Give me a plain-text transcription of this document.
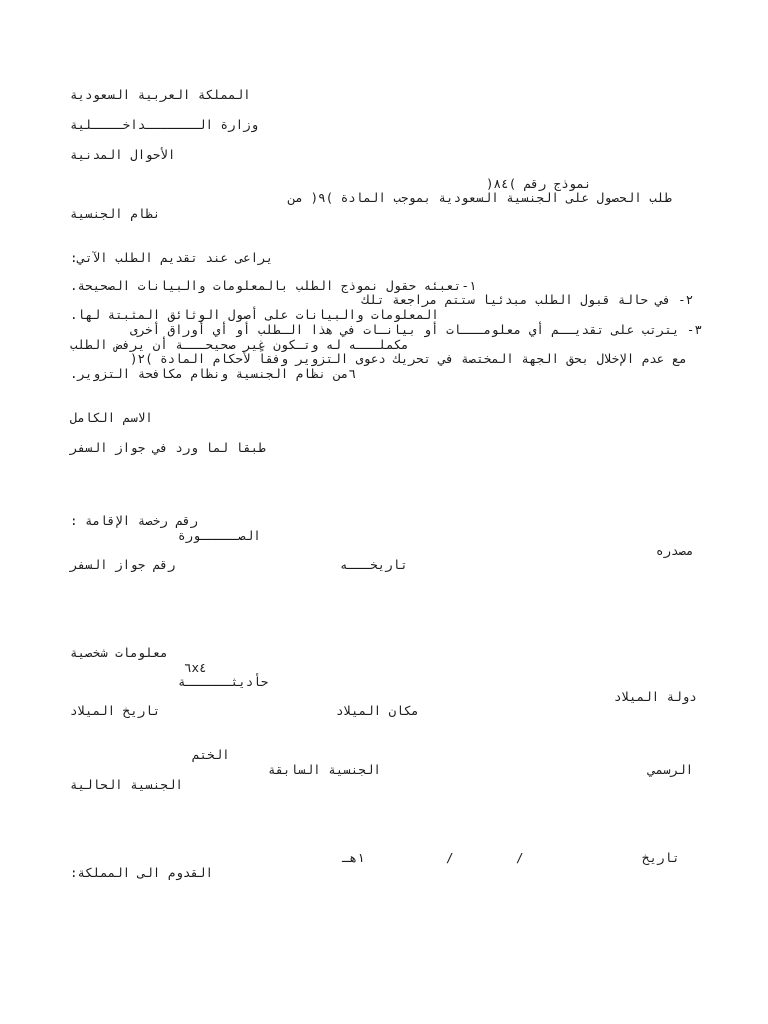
المملكة العربية السعودية
وزارة الـــــــداخــــلية
الأحوال المدنية
نموذج رقم )٨٤(
طلب الحصول على الجنسية السعودية بموجب المادة )٩( من
نظام الجنسية
يراعى عند تقديم الطلب الآتي:
١-تعبئه حقول نموذج الطلب بالمعلومات والبيانات الصحيحة.
٢- في حالة قبول الطلب مبدئيا ستتم مراجعة تلك
المعلومات والبيانات على أصول الوثائق المثبتة لها.
٣- يترتب على تقديــم أي معلومـــات أو بيانـات في هذا الـطلب أو أي أوراق أخرى
مكملـــه له وتـكون غير صحيحـــة أن يرفض الطلب
مع عدم الإخلال بحق الجهة المختصة في تحريك دعوى التزوير وفقاً لأحكام المادة )٢(
٦من نظام الجنسية ونظام مكافحة التزوير.
الاسم الكامل
طبقا لما ورد في جواز السفر
رقم رخصة الإقامة :
الصـــــورة
مصدره
تاريخـــه
رقم جواز السفر
معلومات شخصية
٦x٤
حأديثــــــة
دولة الميلاد
مكان الميلاد
تاريخ الميلاد
الختم
الرسمي
الجنسية السابقة
الجنسية الحالية
تاريخ
/
/
١هـ
القدوم الى المملكة:
